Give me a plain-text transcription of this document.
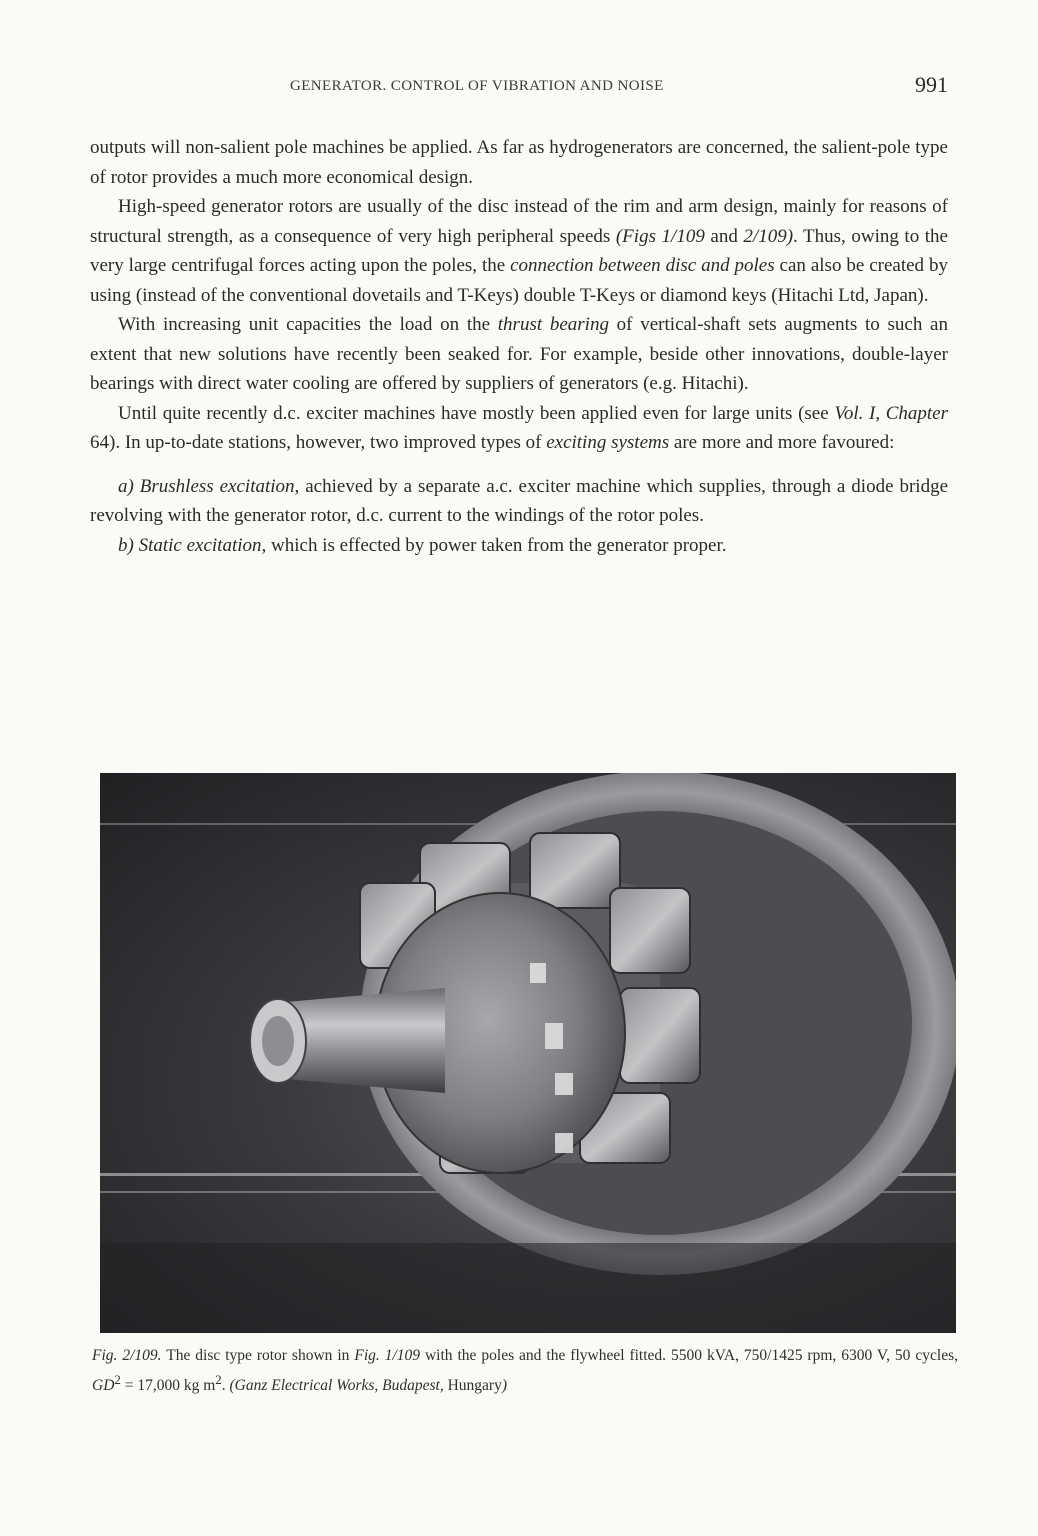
GENERATOR. CONTROL OF VIBRATION AND NOISE	991

outputs will non-salient pole machines be applied. As far as hydrogenerators are concerned, the salient-pole type of rotor provides a much more economical design.

High-speed generator rotors are usually of the disc instead of the rim and arm design, mainly for reasons of structural strength, as a consequence of very high peripheral speeds (Figs 1/109 and 2/109). Thus, owing to the very large centrifugal forces acting upon the poles, the connection between disc and poles can also be created by using (instead of the conventional dovetails and T-Keys) double T-Keys or diamond keys (Hitachi Ltd, Japan).

With increasing unit capacities the load on the thrust bearing of vertical-shaft sets augments to such an extent that new solutions have recently been seaked for. For example, beside other innovations, double-layer bearings with direct water cooling are offered by suppliers of generators (e.g. Hitachi).

Until quite recently d.c. exciter machines have mostly been applied even for large units (see Vol. I, Chapter 64). In up-to-date stations, however, two improved types of exciting systems are more and more favoured:

a) Brushless excitation, achieved by a separate a.c. exciter machine which supplies, through a diode bridge revolving with the generator rotor, d.c. current to the windings of the rotor poles.

b) Static excitation, which is effected by power taken from the generator proper.

Fig. 2/109. The disc type rotor shown in Fig. 1/109 with the poles and the flywheel fitted. 5500 kVA, 750/1425 rpm, 6300 V, 50 cycles, $GD^2 = 17,000$ kg $m^2$. (Ganz Electrical Works, Budapest, Hungary)
